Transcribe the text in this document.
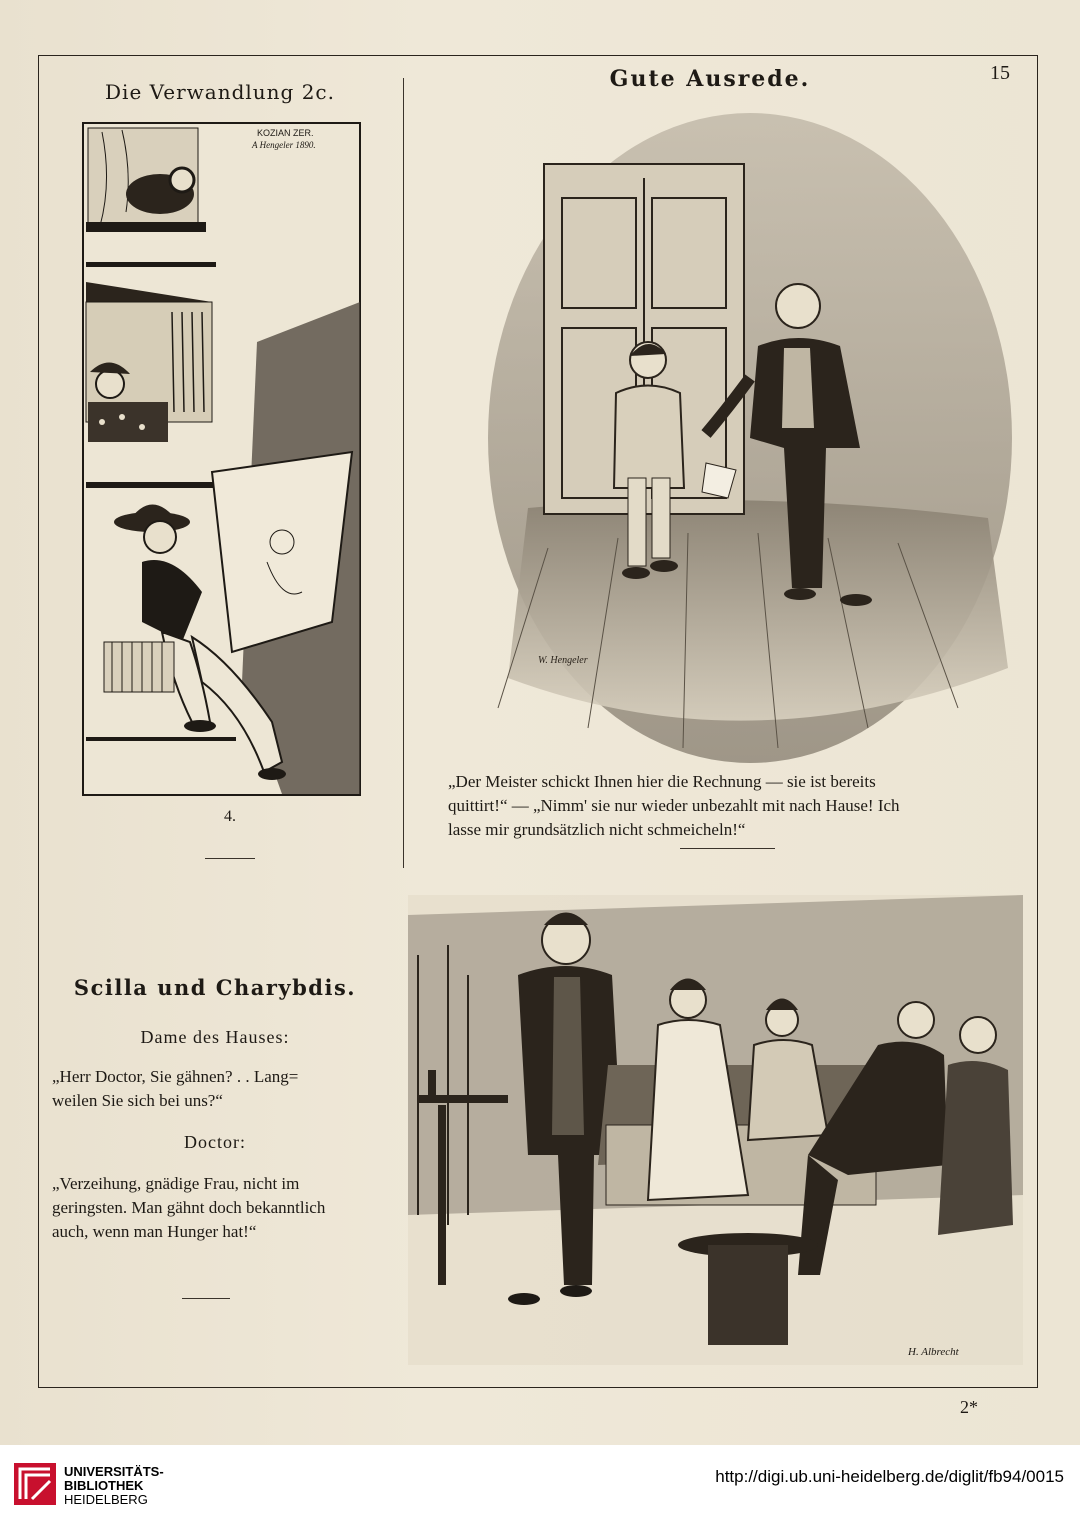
Die Verwandlung 2c.	Gute Ausrede.	15
KOZIAN ZER.
A Hengeler 1890.
4.
W. Hengeler
„Der Meister schickt Ihnen hier die Rechnung — sie ist bereits
quittirt!“ — „Nimm' sie nur wieder unbezahlt mit nach Hause! Ich
lasse mir grundsätzlich nicht schmeicheln!“
Scilla und Charybdis.
Dame des Hauses:
„Herr Doctor, Sie gähnen? . . Lang=
weilen Sie sich bei uns?“
Doctor:
„Verzeihung, gnädige Frau, nicht im
geringsten. Man gähnt doch bekanntlich
auch, wenn man Hunger hat!“
H. Albrecht
2*
UNIVERSITÄTS-
BIBLIOTHEK
HEIDELBERG
http://digi.ub.uni-heidelberg.de/diglit/fb94/0015
